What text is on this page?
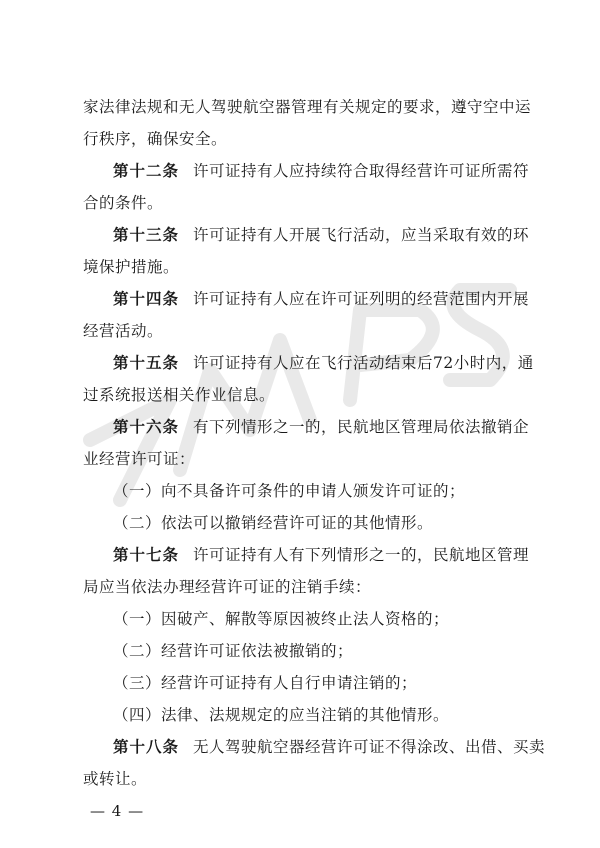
家法律法规和无人驾驶航空器管理有关规定的要求，遵守空中运
行秩序，确保安全。
第十二条 许可证持有人应持续符合取得经营许可证所需符
合的条件。
第十三条 许可证持有人开展飞行活动，应当采取有效的环
境保护措施。
第十四条 许可证持有人应在许可证列明的经营范围内开展
经营活动。
第十五条 许可证持有人应在飞行活动结束后72小时内，通
过系统报送相关作业信息。
第十六条 有下列情形之一的，民航地区管理局依法撤销企
业经营许可证：
（一）向不具备许可条件的申请人颁发许可证的；
（二）依法可以撤销经营许可证的其他情形。
第十七条 许可证持有人有下列情形之一的，民航地区管理
局应当依法办理经营许可证的注销手续：
（一）因破产、解散等原因被终止法人资格的；
（二）经营许可证依法被撤销的；
（三）经营许可证持有人自行申请注销的；
（四）法律、法规规定的应当注销的其他情形。
第十八条 无人驾驶航空器经营许可证不得涂改、出借、买卖
或转让。
— 4 —
